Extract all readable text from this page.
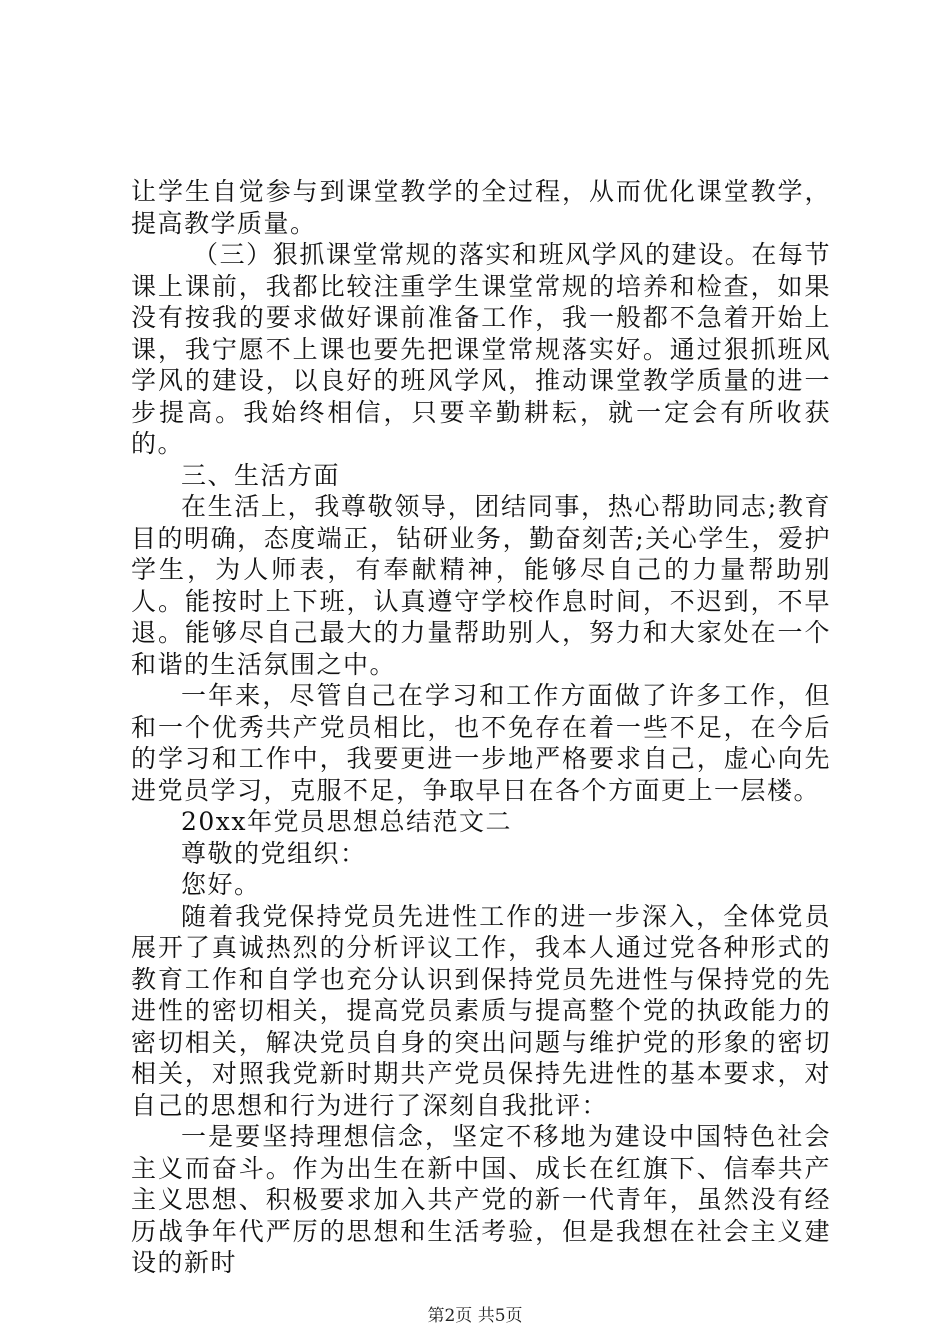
让学生自觉参与到课堂教学的全过程，从而优化课堂教学，提高教学质量。

（三）狠抓课堂常规的落实和班风学风的建设。在每节课上课前，我都比较注重学生课堂常规的培养和检查，如果没有按我的要求做好课前准备工作，我一般都不急着开始上课，我宁愿不上课也要先把课堂常规落实好。通过狠抓班风学风的建设，以良好的班风学风，推动课堂教学质量的进一步提高。我始终相信，只要辛勤耕耘，就一定会有所收获的。

三、生活方面

在生活上，我尊敬领导，团结同事，热心帮助同志;教育目的明确，态度端正，钻研业务，勤奋刻苦;关心学生，爱护学生，为人师表，有奉献精神，能够尽自己的力量帮助别人。能按时上下班，认真遵守学校作息时间，不迟到，不早退。能够尽自己最大的力量帮助别人，努力和大家处在一个和谐的生活氛围之中。

一年来，尽管自己在学习和工作方面做了许多工作，但和一个优秀共产党员相比，也不免存在着一些不足，在今后的学习和工作中，我要更进一步地严格要求自己，虚心向先进党员学习，克服不足，争取早日在各个方面更上一层楼。

20xx年党员思想总结范文二

尊敬的党组织：

您好。

随着我党保持党员先进性工作的进一步深入，全体党员展开了真诚热烈的分析评议工作，我本人通过党各种形式的教育工作和自学也充分认识到保持党员先进性与保持党的先进性的密切相关，提高党员素质与提高整个党的执政能力的密切相关，解决党员自身的突出问题与维护党的形象的密切相关，对照我党新时期共产党员保持先进性的基本要求，对自己的思想和行为进行了深刻自我批评：

一是要坚持理想信念，坚定不移地为建设中国特色社会主义而奋斗。作为出生在新中国、成长在红旗下、信奉共产主义思想、积极要求加入共产党的新一代青年，虽然没有经历战争年代严厉的思想和生活考验，但是我想在社会主义建设的新时

第2页 共5页
